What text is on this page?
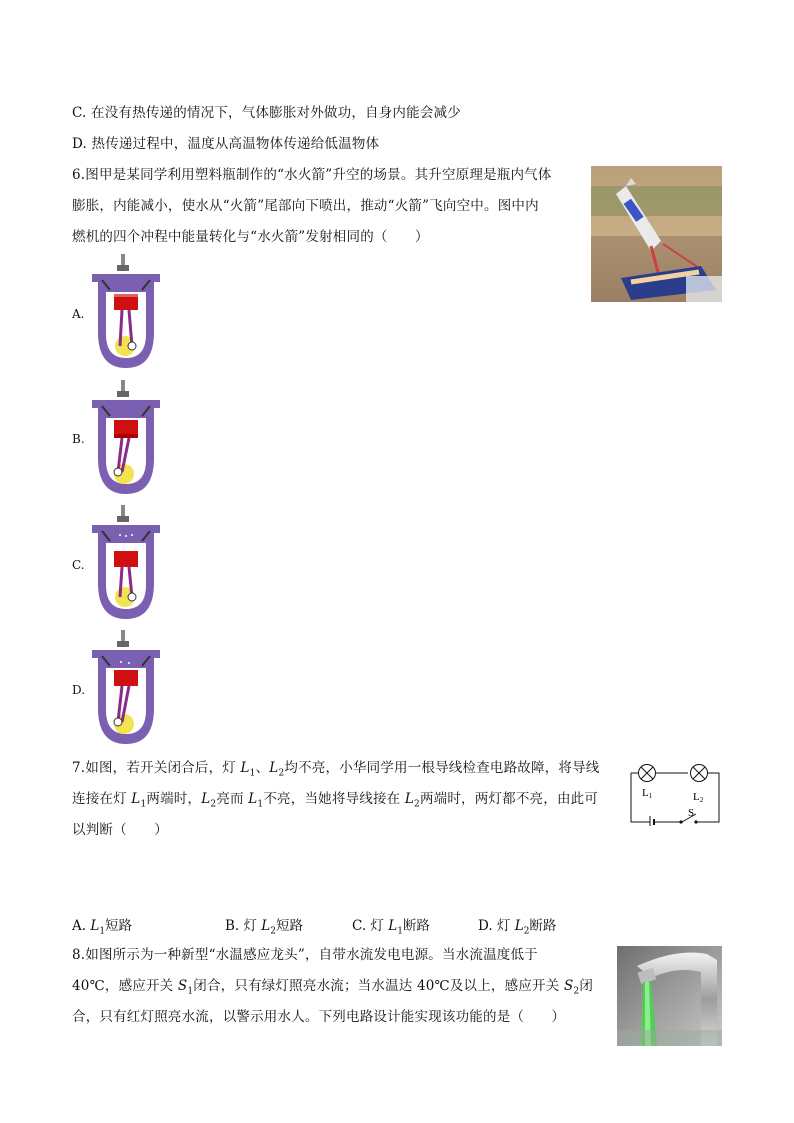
C. 在没有热传递的情况下，气体膨胀对外做功，自身内能会减少
D. 热传递过程中，温度从高温物体传递给低温物体
6.图甲是某同学利用塑料瓶制作的“水火箭”升空的场景。其升空原理是瓶内气体
膨胀，内能减小，使水从“火箭”尾部向下喷出，推动“火箭”飞向空中。图中内
燃机的四个冲程中能量转化与“水火箭”发射相同的（　　）
A.
B.
C.
D.
7.如图，若开关闭合后，灯 $L_1$、$L_2$均不亮，小华同学用一根导线检查电路故障，将导线
连接在灯 $L_1$两端时，$L_2$亮而 $L_1$不亮，当她将导线接在 $L_2$两端时，两灯都不亮，由此可
以判断（　　）
L1	L2
S
A. $L_1$短路	B. 灯 $L_2$短路	C. 灯 $L_1$断路	D. 灯 $L_2$断路
8.如图所示为一种新型“水温感应龙头”，自带水流发电电源。当水流温度低于
40℃，感应开关 $S_1$闭合，只有绿灯照亮水流；当水温达 40℃及以上，感应开关 $S_2$闭
合，只有红灯照亮水流，以警示用水人。下列电路设计能实现该功能的是（　　）
